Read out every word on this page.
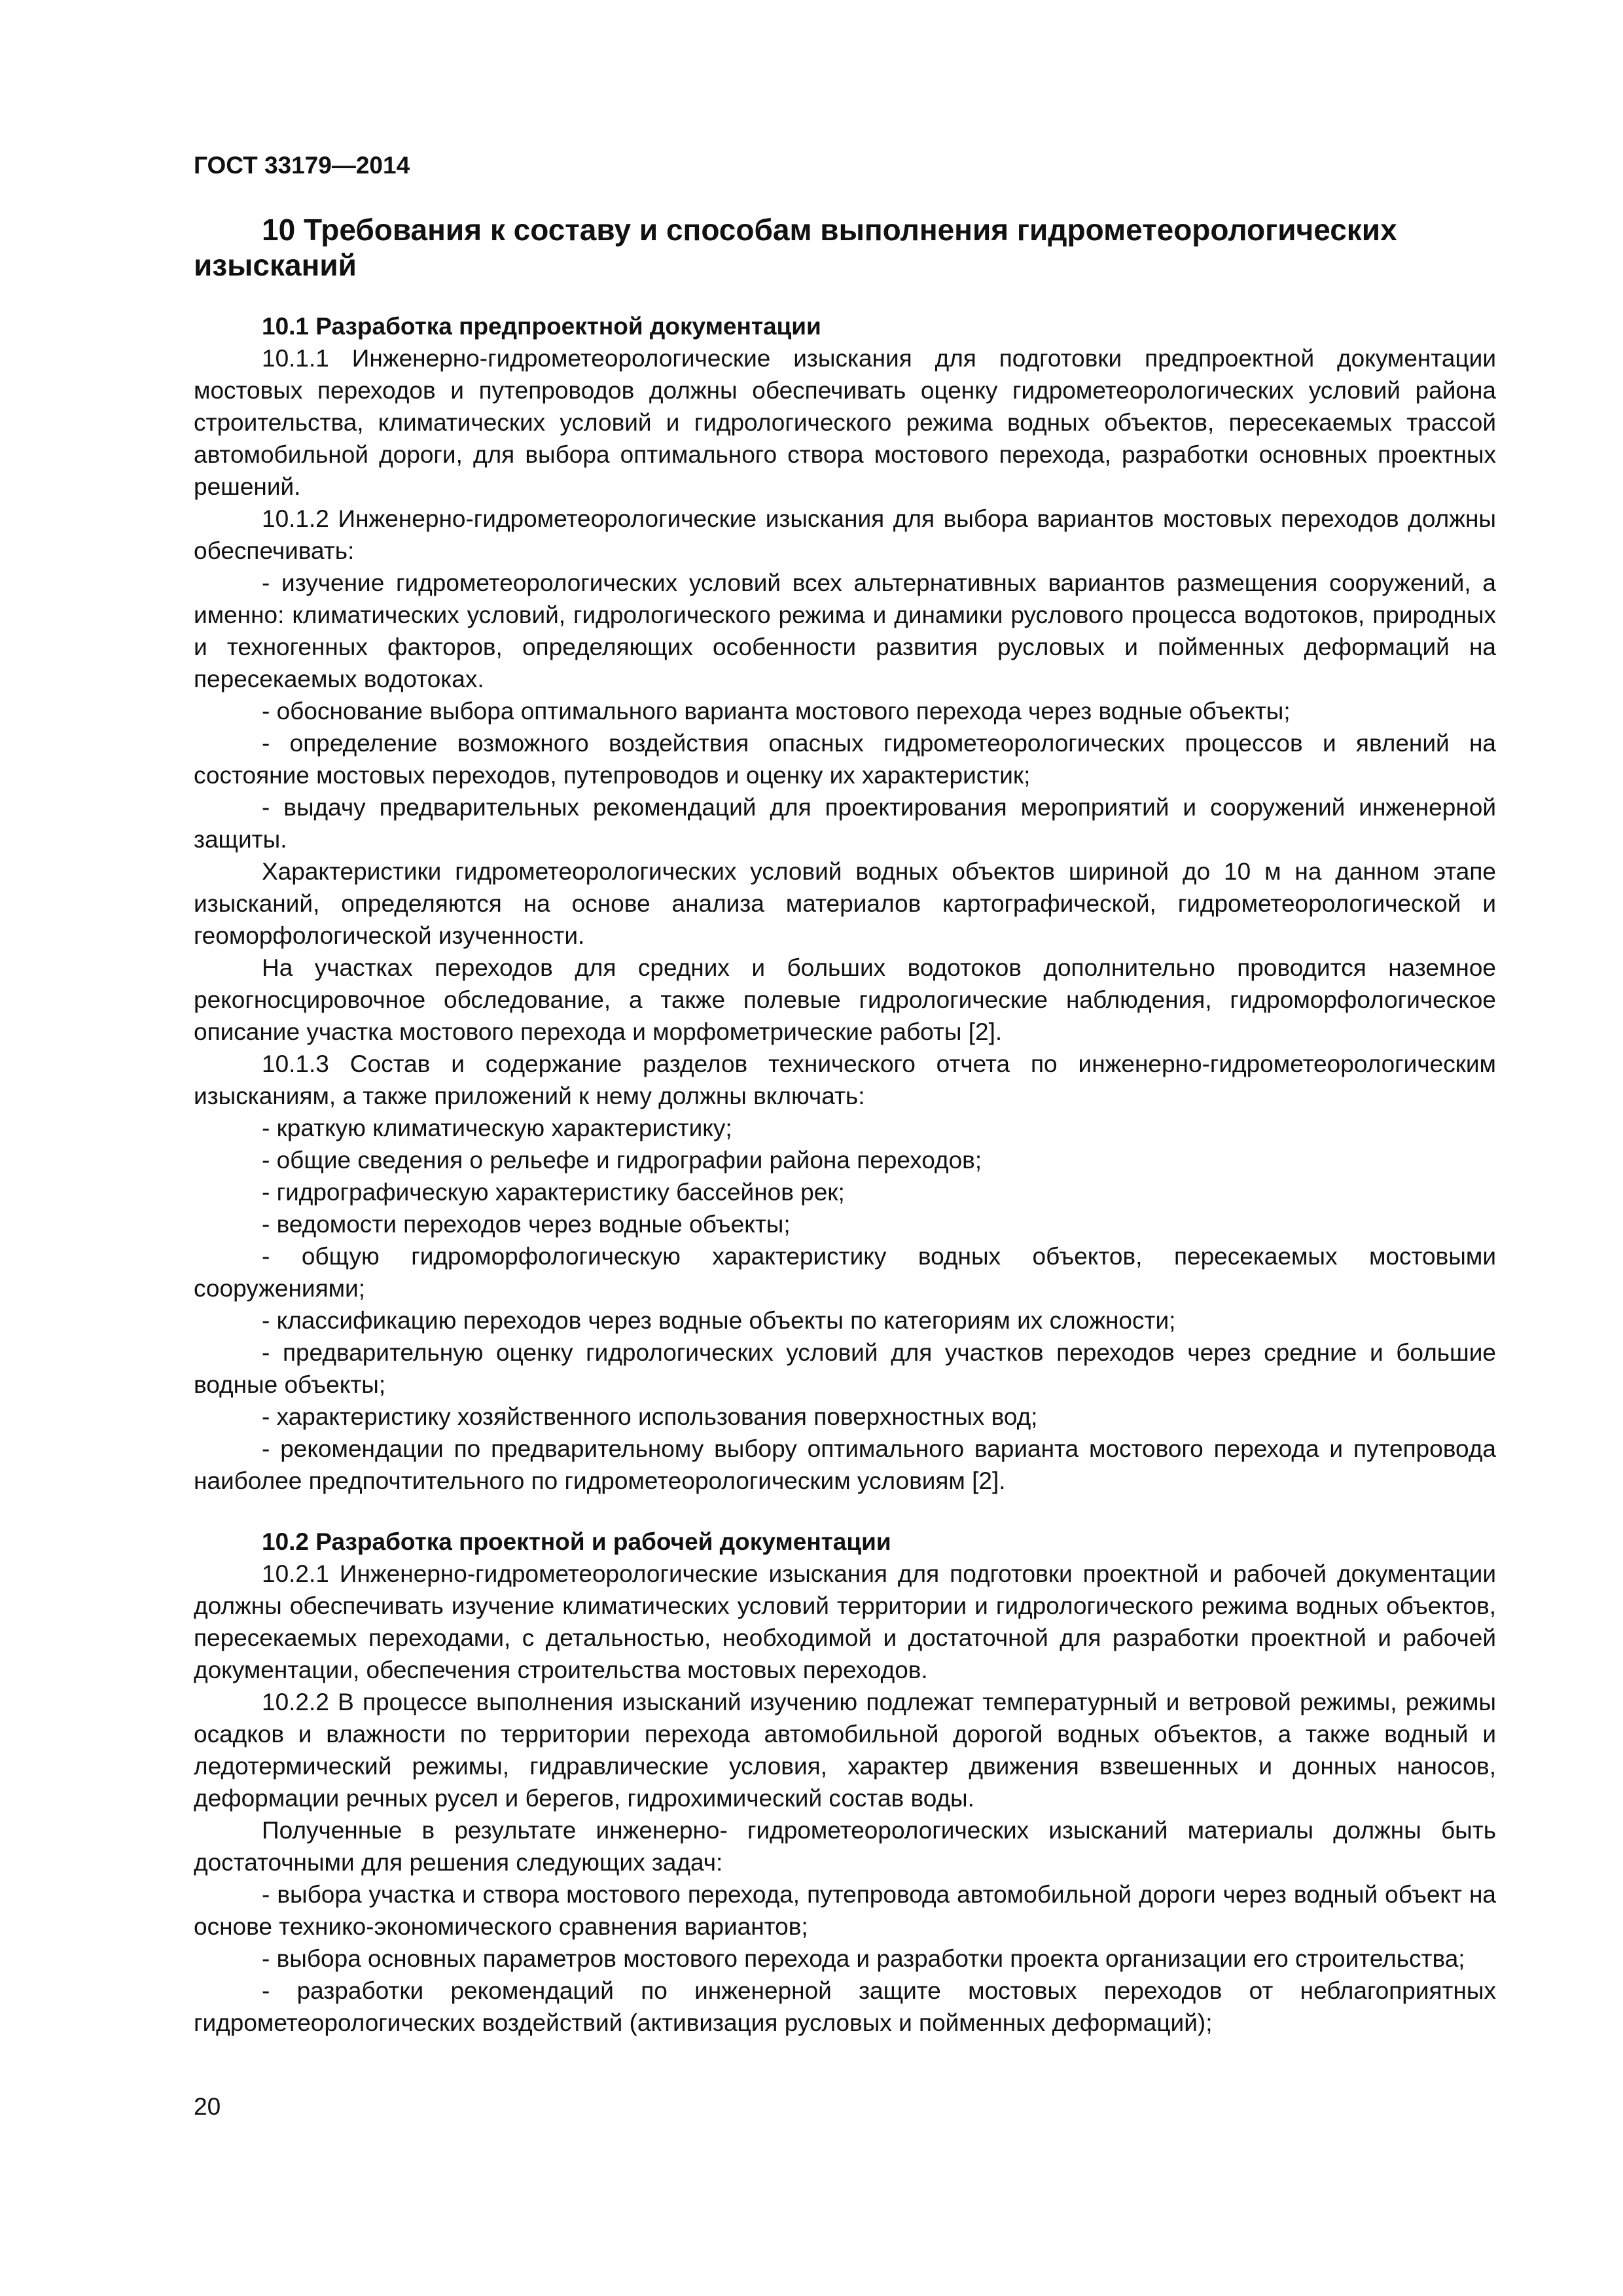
ГОСТ 33179—2014
10 Требования к составу и способам выполнения гидрометеорологических изысканий
10.1 Разработка предпроектной документации

10.1.1 Инженерно-гидрометеорологические изыскания для подготовки предпроектной документации мостовых переходов и путепроводов должны обеспечивать оценку гидрометеорологических условий района строительства, климатических условий и гидрологического режима водных объектов, пересекаемых трассой автомобильной дороги, для выбора оптимального створа мостового перехода, разработки основных проектных решений.

10.1.2 Инженерно-гидрометеорологические изыскания для выбора вариантов мостовых переходов должны обеспечивать:

- изучение гидрометеорологических условий всех альтернативных вариантов размещения сооружений, а именно: климатических условий, гидрологического режима и динамики руслового процесса водотоков, природных и техногенных факторов, определяющих особенности развития русловых и пойменных деформаций на пересекаемых водотоках.

- обоснование выбора оптимального варианта мостового перехода через водные объекты;

- определение возможного воздействия опасных гидрометеорологических процессов и явлений на состояние мостовых переходов, путепроводов и оценку их характеристик;

- выдачу предварительных рекомендаций для проектирования мероприятий и сооружений инженерной защиты.

Характеристики гидрометеорологических условий водных объектов шириной до 10 м на данном этапе изысканий, определяются на основе анализа материалов картографической, гидрометеорологической и геоморфологической изученности.

На участках переходов для средних и больших водотоков дополнительно проводится наземное рекогносцировочное обследование, а также полевые гидрологические наблюдения, гидроморфологическое описание участка мостового перехода и морфометрические работы [2].

10.1.3 Состав и содержание разделов технического отчета по инженерно-гидрометеорологическим изысканиям, а также приложений к нему должны включать:

- краткую климатическую характеристику;

- общие сведения о рельефе и гидрографии района переходов;

- гидрографическую характеристику бассейнов рек;

- ведомости переходов через водные объекты;

- общую гидроморфологическую характеристику водных объектов, пересекаемых мостовыми сооружениями;

- классификацию переходов через водные объекты по категориям их сложности;

- предварительную оценку гидрологических условий для участков переходов через средние и большие водные объекты;

- характеристику хозяйственного использования поверхностных вод;

- рекомендации по предварительному выбору оптимального варианта мостового перехода и путепровода наиболее предпочтительного по гидрометеорологическим условиям [2].

10.2 Разработка проектной и рабочей документации

10.2.1 Инженерно-гидрометеорологические изыскания для подготовки проектной и рабочей документации должны обеспечивать изучение климатических условий территории и гидрологического режима водных объектов, пересекаемых переходами, с детальностью, необходимой и достаточной для разработки проектной и рабочей документации, обеспечения строительства мостовых переходов.

10.2.2 В процессе выполнения изысканий изучению подлежат температурный и ветровой режимы, режимы осадков и влажности по территории перехода автомобильной дорогой водных объектов, а также водный и ледотермический режимы, гидравлические условия, характер движения взвешенных и донных наносов, деформации речных русел и берегов, гидрохимический состав воды.

Полученные в результате инженерно- гидрометеорологических изысканий материалы должны быть достаточными для решения следующих задач:

- выбора участка и створа мостового перехода, путепровода автомобильной дороги через водный объект на основе технико-экономического сравнения вариантов;

- выбора основных параметров мостового перехода и разработки проекта организации его строительства;

- разработки рекомендаций по инженерной защите мостовых переходов от неблагоприятных гидрометеорологических воздействий (активизация русловых и пойменных деформаций);

20
